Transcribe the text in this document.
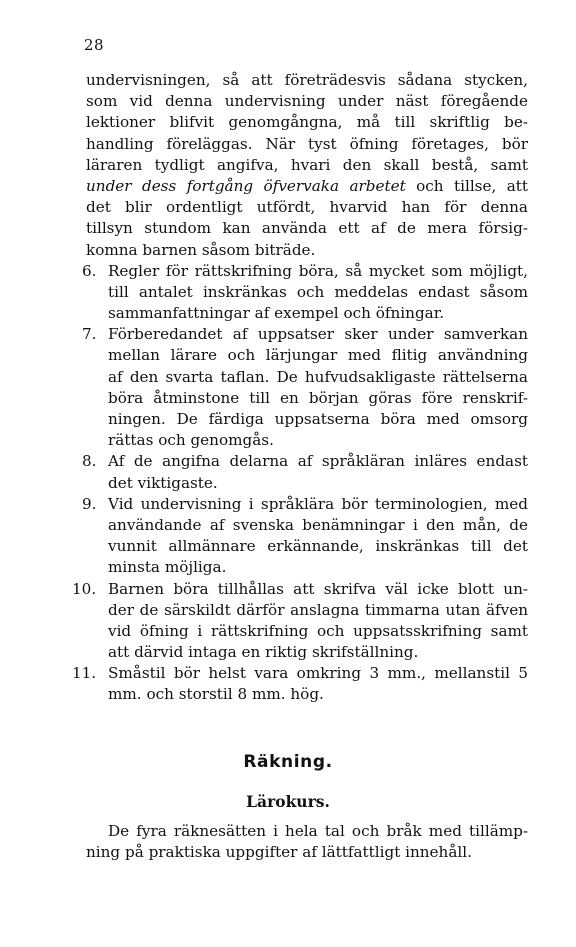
28
undervisningen, så att företrädesvis sådana stycken,
som vid denna undervisning under näst föregående
lektioner blifvit genomgångna, må till skriftlig be-
handling föreläggas. När tyst öfning företages, bör
läraren tydligt angifva, hvari den skall bestå, samt
under dess fortgång öfvervaka arbetet och tillse, att
det blir ordentligt utfördt, hvarvid han för denna
tillsyn stundom kan använda ett af de mera försig-
komna barnen såsom biträde.
6. Regler för rättskrifning böra, så mycket som möjligt,
till antalet inskränkas och meddelas endast såsom
sammanfattningar af exempel och öfningar.
7. Förberedandet af uppsatser sker under samverkan
mellan lärare och lärjungar med flitig användning
af den svarta taflan. De hufvudsakligaste rättelserna
böra åtminstone till en början göras före renskrif-
ningen. De färdiga uppsatserna böra med omsorg
rättas och genomgås.
8. Af de angifna delarna af språkläran inläres endast
det viktigaste.
9. Vid undervisning i språklära bör terminologien, med
användande af svenska benämningar i den mån, de
vunnit allmännare erkännande, inskränkas till det
minsta möjliga.
10. Barnen böra tillhållas att skrifva väl icke blott un-
der de särskildt därför anslagna timmarna utan äfven
vid öfning i rättskrifning och uppsatsskrifning samt
att därvid intaga en riktig skrifställning.
11. Småstil bör helst vara omkring 3 mm., mellanstil 5
mm. och storstil 8 mm. hög.
Räkning.
Lärokurs.
De fyra räknesätten i hela tal och bråk med tillämp-
ning på praktiska uppgifter af lättfattligt innehåll.
